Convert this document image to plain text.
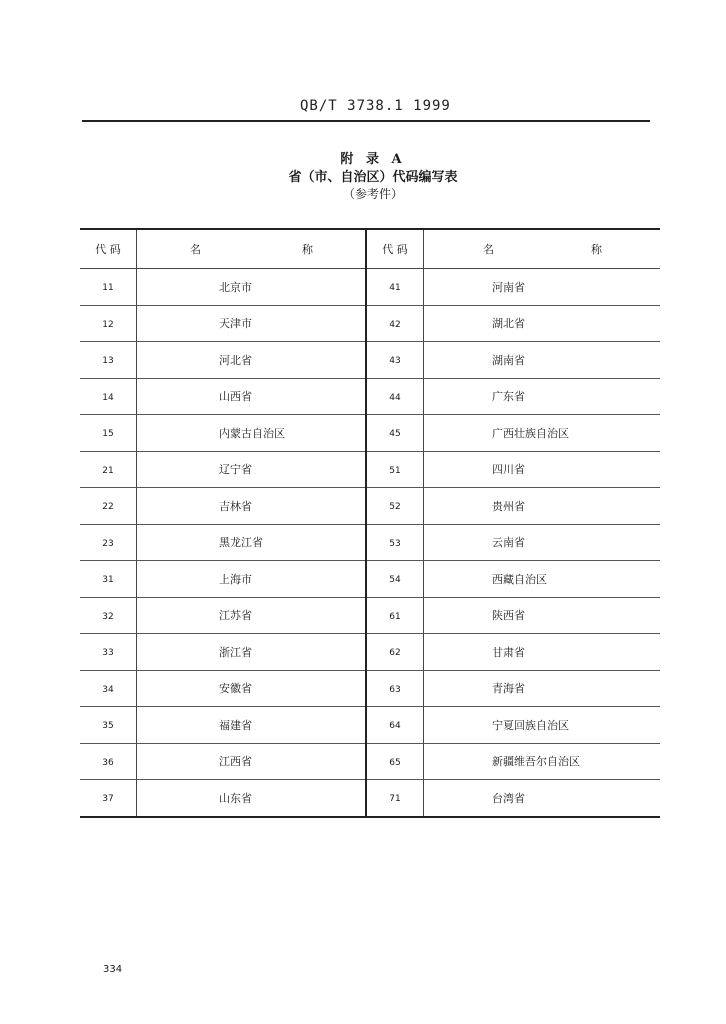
QB/T 3738.1 1999
附 录 A
省（市、自治区）代码编写表
（参考件）
代 码	名 称	代 码	名 称

11	北京市	41	河南省
12	天津市	42	湖北省
13	河北省	43	湖南省
14	山西省	44	广东省
15	内蒙古自治区	45	广西壮族自治区
21	辽宁省	51	四川省
22	吉林省	52	贵州省
23	黑龙江省	53	云南省
31	上海市	54	西藏自治区
32	江苏省	61	陕西省
33	浙江省	62	甘肃省
34	安徽省	63	青海省
35	福建省	64	宁夏回族自治区
36	江西省	65	新疆维吾尔自治区
37	山东省	71	台湾省
334
